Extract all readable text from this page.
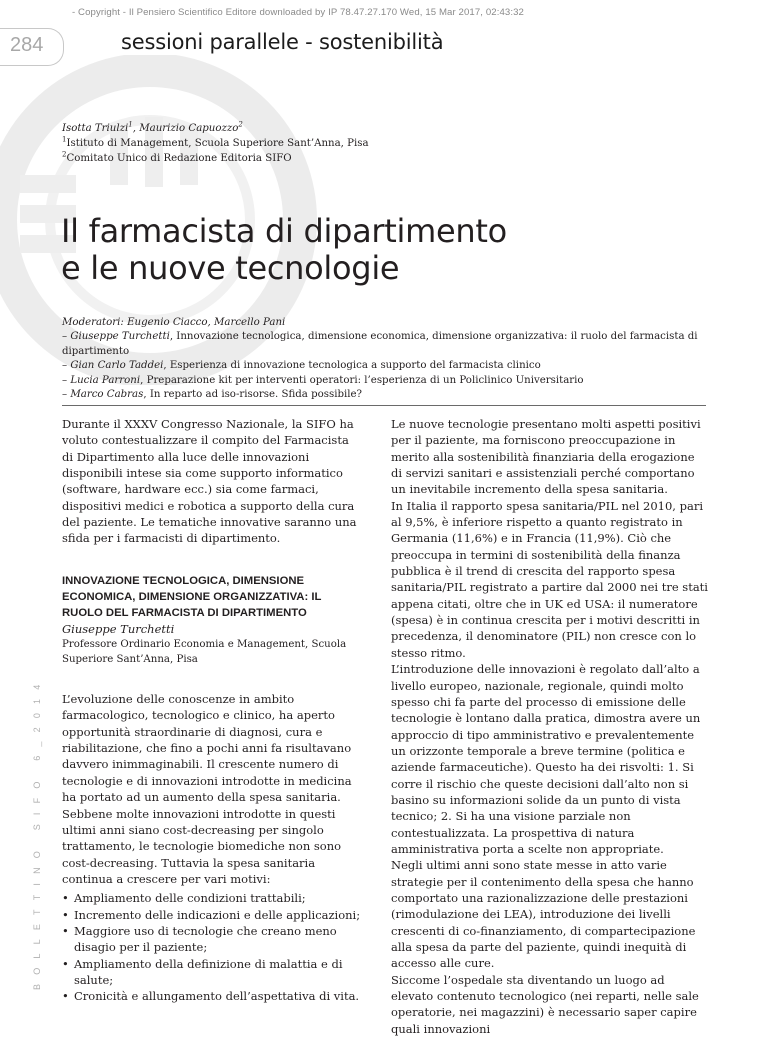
- Copyright - Il Pensiero Scientifico Editore downloaded by IP 78.47.27.170 Wed, 15 Mar 2017, 02:43:32
284	sessioni parallele - sostenibilità
Isotta Triulzi$^1$, Maurizio Capuozzo$^2$
$^1$Istituto di Management, Scuola Superiore Sant’Anna, Pisa
$^2$Comitato Unico di Redazione Editoria SIFO
Il farmacista di dipartimento
e le nuove tecnologie
Moderatori: Eugenio Ciacco, Marcello Pani
– Giuseppe Turchetti, Innovazione tecnologica, dimensione economica, dimensione organizzativa: il ruolo del farmacista di dipartimento
– Gian Carlo Taddei, Esperienza di innovazione tecnologica a supporto del farmacista clinico
– Lucia Parroni, Preparazione kit per interventi operatori: l’esperienza di un Policlinico Universitario
– Marco Cabras, In reparto ad iso-risorse. Sfida possibile?

Durante il XXXV Congresso Nazionale, la SIFO ha voluto contestualizzare il compito del Farmacista di Dipartimento alla luce delle innovazioni disponibili intese sia come supporto informatico (software, hardware ecc.) sia come farmaci, dispositivi medici e robotica a supporto della cura del paziente. Le tematiche innovative saranno una sfida per i farmacisti di dipartimento.

INNOVAZIONE TECNOLOGICA, DIMENSIONE ECONOMICA, DIMENSIONE ORGANIZZATIVA: IL RUOLO DEL FARMACISTA DI DIPARTIMENTO

Giuseppe Turchetti

Professore Ordinario Economia e Management, Scuola Superiore Sant’Anna, Pisa

L’evoluzione delle conoscenze in ambito farmacologico, tecnologico e clinico, ha aperto opportunità straordinarie di diagnosi, cura e riabilitazione, che fino a pochi anni fa risultavano davvero inimmaginabili. Il crescente numero di tecnologie e di innovazioni introdotte in medicina ha portato ad un aumento della spesa sanitaria. Sebbene molte innovazioni introdotte in questi ultimi anni siano cost-decreasing per singolo trattamento, le tecnologie biomediche non sono cost-decreasing. Tuttavia la spesa sanitaria continua a crescere per vari motivi:

• Ampliamento delle condizioni trattabili;
• Incremento delle indicazioni e delle applicazioni;
• Maggiore uso di tecnologie che creano meno disagio per il paziente;
• Ampliamento della definizione di malattia e di salute;
• Cronicità e allungamento dell’aspettativa di vita.

Le nuove tecnologie presentano molti aspetti positivi per il paziente, ma forniscono preoccupazione in merito alla sostenibilità finanziaria della erogazione di servizi sanitari e assistenziali perché comportano un inevitabile incremento della spesa sanitaria.

In Italia il rapporto spesa sanitaria/PIL nel 2010, pari al 9,5%, è inferiore rispetto a quanto registrato in Germania (11,6%) e in Francia (11,9%). Ciò che preoccupa in termini di sostenibilità della finanza pubblica è il trend di crescita del rapporto spesa sanitaria/PIL registrato a partire dal 2000 nei tre stati appena citati, oltre che in UK ed USA: il numeratore (spesa) è in continua crescita per i motivi descritti in precedenza, il denominatore (PIL) non cresce con lo stesso ritmo.

L’introduzione delle innovazioni è regolato dall’alto a livello europeo, nazionale, regionale, quindi molto spesso chi fa parte del processo di emissione delle tecnologie è lontano dalla pratica, dimostra avere un approccio di tipo amministrativo e prevalentemente un orizzonte temporale a breve termine (politica e aziende farmaceutiche). Questo ha dei risvolti: 1. Si corre il rischio che queste decisioni dall’alto non si basino su informazioni solide da un punto di vista tecnico; 2. Si ha una visione parziale non contestualizzata. La prospettiva di natura amministrativa porta a scelte non appropriate.

Negli ultimi anni sono state messe in atto varie strategie per il contenimento della spesa che hanno comportato una razionalizzazione delle prestazioni (rimodulazione dei LEA), introduzione dei livelli crescenti di co-finanziamento, di compartecipazione alla spesa da parte del paziente, quindi inequità di accesso alle cure.

Siccome l’ospedale sta diventando un luogo ad elevato contenuto tecnologico (nei reparti, nelle sale operatorie, nei magazzini) è necessario saper capire quali innovazioni

BOLLETTINO SIFO 6_2014
